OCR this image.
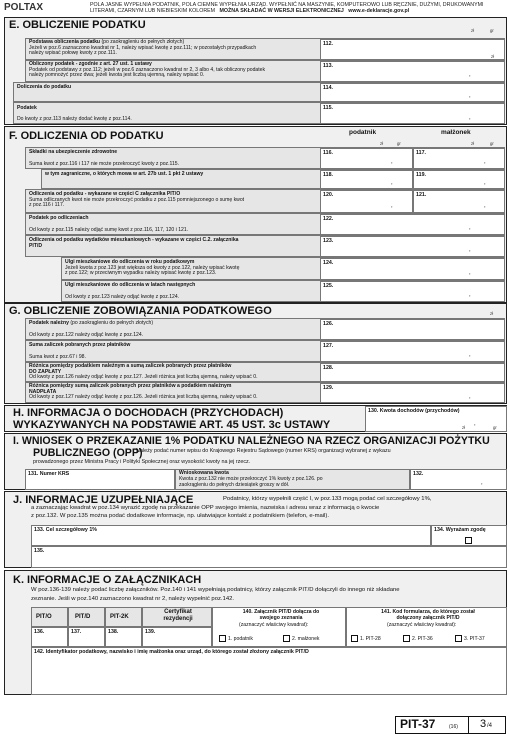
POLTAX	POLA JASNE WYPEŁNIA PODATNIK, POLA CIEMNE WYPEŁNIA URZĄD. WYPEŁNIĆ NA MASZYNIE, KOMPUTEROWO LUB RĘCZNIE, DUŻYMI, DRUKOWANYMI
LITERAMI, CZARNYM LUB NIEBIESKIM KOLOREM MOŻNA SKŁADAĆ W WERSJI ELEKTRONICZNEJ www.e-deklaracje.gov.pl
E. OBLICZENIE PODATKU	zł	gr
Podstawa obliczenia podatku (po zaokrągleniu do pełnych złotych)
Jeżeli w poz.6 zaznaczono kwadrat nr 1, należy wpisać kwotę z poz.111; w pozostałych przypadkach
należy wpisać połowę kwoty z poz.111.
112.
zł
Obliczony podatek - zgodnie z art. 27 ust. 1 ustawy
Podatek od podstawy z poz.112; jeżeli w poz.6 zaznaczono kwadrat nr 2, 3 albo 4, tak obliczony podatek
należy pomnożyć przez dwa; jeżeli kwota jest liczbą ujemną, należy wpisać 0.
113.
,
Doliczenia do podatku	114.
,
Podatek
Do kwoty z poz.113 należy dodać kwotę z poz.114.
115.
,
F. ODLICZENIA OD PODATKU	podatnik	małżonek
zł	gr	zł	gr
Składki na ubezpieczenie zdrowotne
Suma kwot z poz.116 i 117 nie może przekroczyć kwoty z poz.115.
116.
,
117.
,
w tym zagraniczne, o których mowa w art. 27b ust. 1 pkt 2 ustawy	118.
,
119.
,
Odliczenia od podatku - wykazane w części C załącznika PIT/O
Suma odliczanych kwot nie może przekroczyć podatku z poz.115 pomniejszonego o sumę kwot
z poz.116 i 117.
120.
,
121.
,
Podatek po odliczeniach
Od kwoty z poz.115 należy odjąć sumę kwot z poz.116, 117, 120 i 121.
122.
,
Odliczenia od podatku wydatków mieszkaniowych - wykazane w części C.2. załącznika
PIT/D
123.
,
Ulgi mieszkaniowe do odliczenia w roku podatkowym
Jeżeli kwota z poz.123 jest większa od kwoty z poz.122, należy wpisać kwotę
z poz.122; w przeciwnym wypadku należy wpisać kwotę z poz.123.
124.
,
Ulgi mieszkaniowe do odliczenia w latach następnych
Od kwoty z poz.123 należy odjąć kwotę z poz.124.
125.
,
G. OBLICZENIE ZOBOWIĄZANIA PODATKOWEGO	zł
Podatek należny (po zaokrągleniu do pełnych złotych)
Od kwoty z poz.122 należy odjąć kwotę z poz.124.
126.
Suma zaliczek pobranych przez płatników
Suma kwot z poz.67 i 98.
127.
,
Różnica pomiędzy podatkiem należnym a sumą zaliczek pobranych przez płatników
DO ZAPŁATY
Od kwoty z poz.126 należy odjąć kwotę z poz.127. Jeżeli różnica jest liczbą ujemną, należy wpisać 0.
128.
Różnica pomiędzy sumą zaliczek pobranych przez płatników a podatkiem należnym
NADPŁATA
Od kwoty z poz.127 należy odjąć kwotę z poz.126. Jeżeli różnica jest liczbą ujemną, należy wpisać 0.
129.
,
H. INFORMACJA O DOCHODACH (PRZYCHODACH)
WYKAZYWANYCH NA PODSTAWIE ART. 45 UST. 3c USTAWY
130. Kwota dochodów (przychodów)
,
zł	gr
I. WNIOSEK O PRZEKAZANIE 1% PODATKU NALEŻNEGO NA RZECZ ORGANIZACJI POŻYTKU
PUBLICZNEGO (OPP)
Należy podać numer wpisu do Krajowego Rejestru Sądowego (numer KRS) organizacji wybranej z wykazu
prowadzonego przez Ministra Pracy i Polityki Społecznej oraz wysokość kwoty na jej rzecz.
131. Numer KRS	Wnioskowana kwota
Kwota z poz.132 nie może przekroczyć 1% kwoty z poz.126. po
zaokrągleniu do pełnych dziesiątek groszy w dół.
132.
,
J. INFORMACJE UZUPEŁNIAJĄCE	Podatnicy, którzy wypełnili część I, w poz.133 mogą podać cel szczegółowy 1%,
a zaznaczając kwadrat w poz.134 wyrazić zgodę na przekazanie OPP swojego imienia, nazwiska i adresu wraz z informacją o kwocie
z poz.132. W poz.135 można podać dodatkowe informacje, np. ułatwiające kontakt z podatnikiem (telefon, e-mail).
133. Cel szczegółowy 1%	134. Wyrażam zgodę
135.
K. INFORMACJE O ZAŁĄCZNIKACH
W poz.136-139 należy podać liczbę załączników. Poz.140 i 141 wypełniają podatnicy, którzy załącznik PIT/D dołączyli do innego niż składane
zeznanie. Jeśli w poz.140 zaznaczono kwadrat nr 2, należy wypełnić poz.142.
PIT/O	PIT/D	PIT-2K
Certyfikat rezydencji
136.	137.	138.	139.
140. Załącznik PIT/D dołącza do
swojego zeznania
(zaznaczyć właściwy kwadrat):
1. podatnik	2. małżonek
141. Kod formularza, do którego został
dołączony załącznik PIT/D
(zaznaczyć właściwy kwadrat):
1. PIT-28	2. PIT-36	3. PIT-37
142. Identyfikator podatkowy, nazwisko i imię małżonka oraz urząd, do którego został złożony załącznik PIT/D
PIT-37	(16) 3 /4
